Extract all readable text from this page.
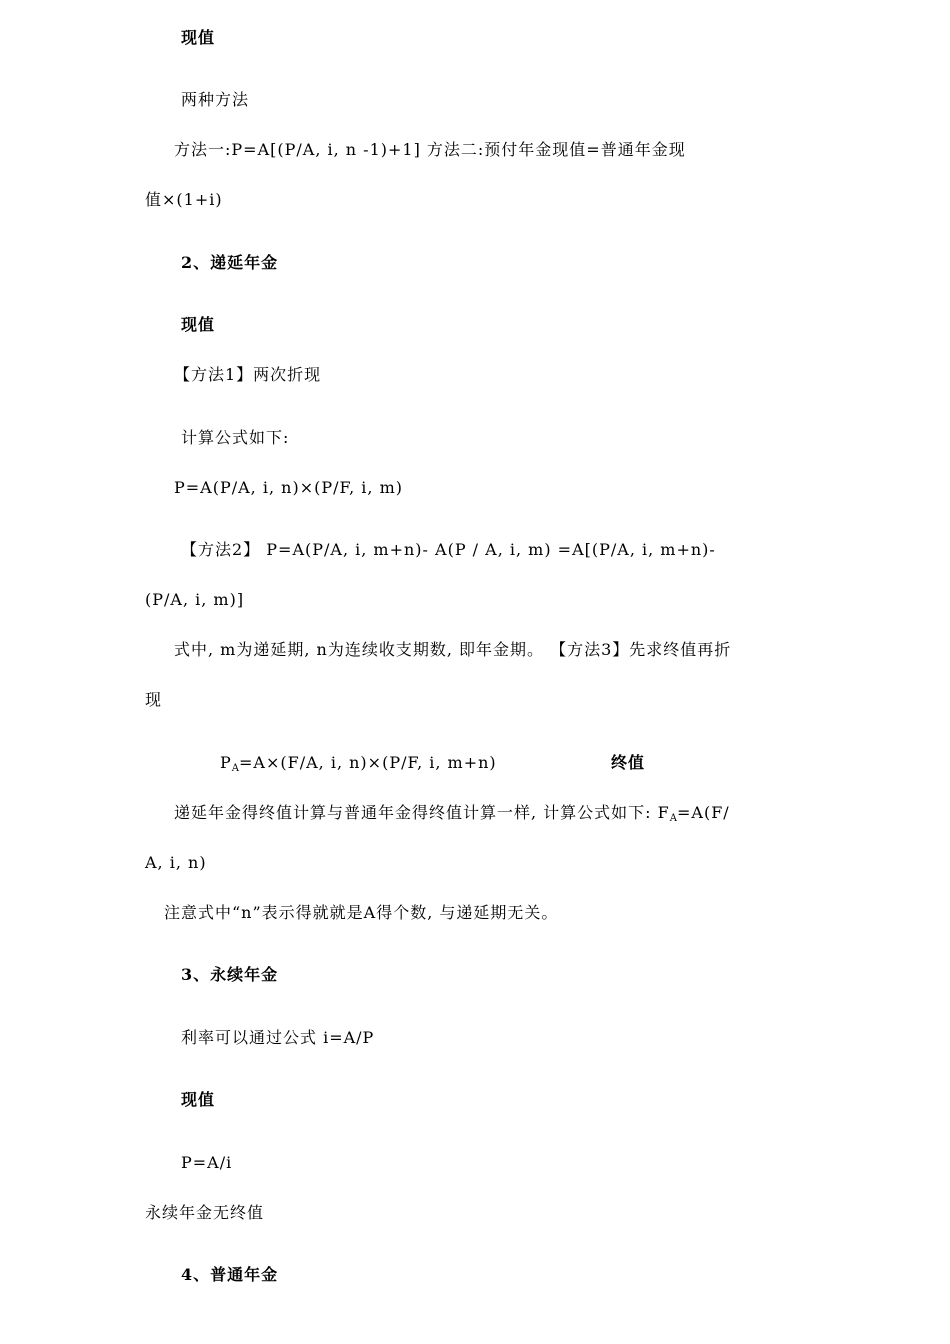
现值
两种方法
方法一:P=A[(P/A, i, n -1)+1] 方法二:预付年金现值=普通年金现
值×(1+i)
2、递延年金
现值
【方法1】两次折现
计算公式如下:
P=A(P/A, i, n)×(P/F, i, m)
【方法2】 P=A(P/A, i, m+n)- A(P / A, i, m) =A[(P/A, i, m+n)-
(P/A, i, m)]
式中, m为递延期, n为连续收支期数, 即年金期。 【方法3】先求终值再折
现
$P_A=A\times(F/A$, i, n)×(P/F, i, m+n)	终值
递延年金得终值计算与普通年金得终值计算一样, 计算公式如下: $F_A=A(F/$
A, i, n)
注意式中“n”表示得就就是A得个数, 与递延期无关。
3、永续年金
利率可以通过公式 i=A/P
现值
P=A/i
永续年金无终值
4、普通年金
